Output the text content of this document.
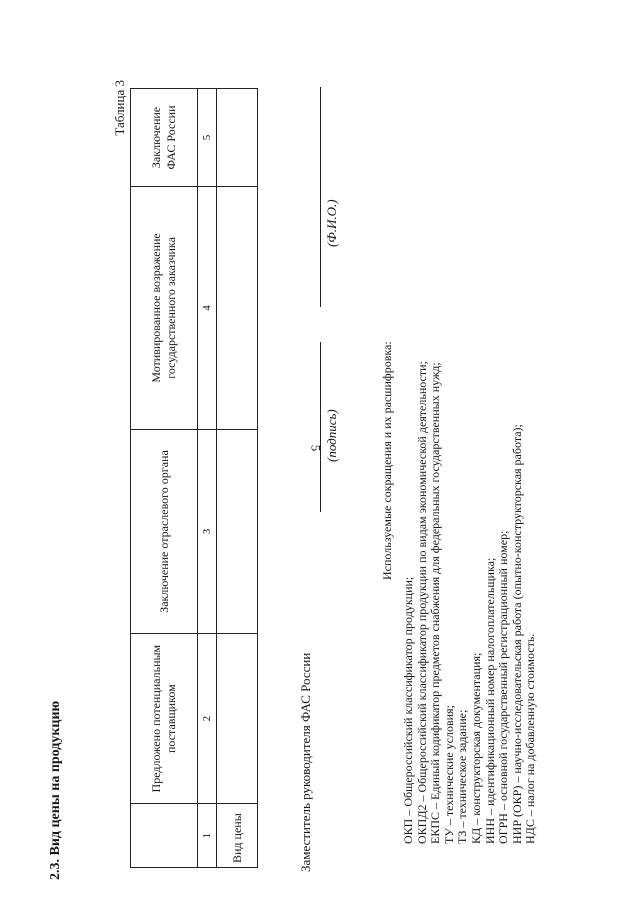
5
2.3. Вид цены на продукцию
Таблица 3
	Предложено потенциальным поставщиком	Заключение отраслевого органа	Мотивированное возражение государственного заказчика	Заключение ФАС России
1	2	3	4	5
Вид цены					Заместитель руководителя ФАС России
(подпись)
(Ф.И.О.)
Используемые сокращения и их расшифровка:
ОКП – Общероссийский классификатор продукции; ОКПД2 – Общероссийский классификатор продукции по видам экономической деятельности; ЕКПС – Единый кодификатор предметов снабжения для федеральных государственных нужд; ТУ – технические условия; ТЗ – техническое задание; КД – конструкторская документация; ИНН – идентификационный номер налогоплательщика; ОГРН – основной государственный регистрационный номер; НИР (ОКР) – научно-исследовательская работа (опытно-конструкторская работа); НДС – налог на добавленную стоимость.
